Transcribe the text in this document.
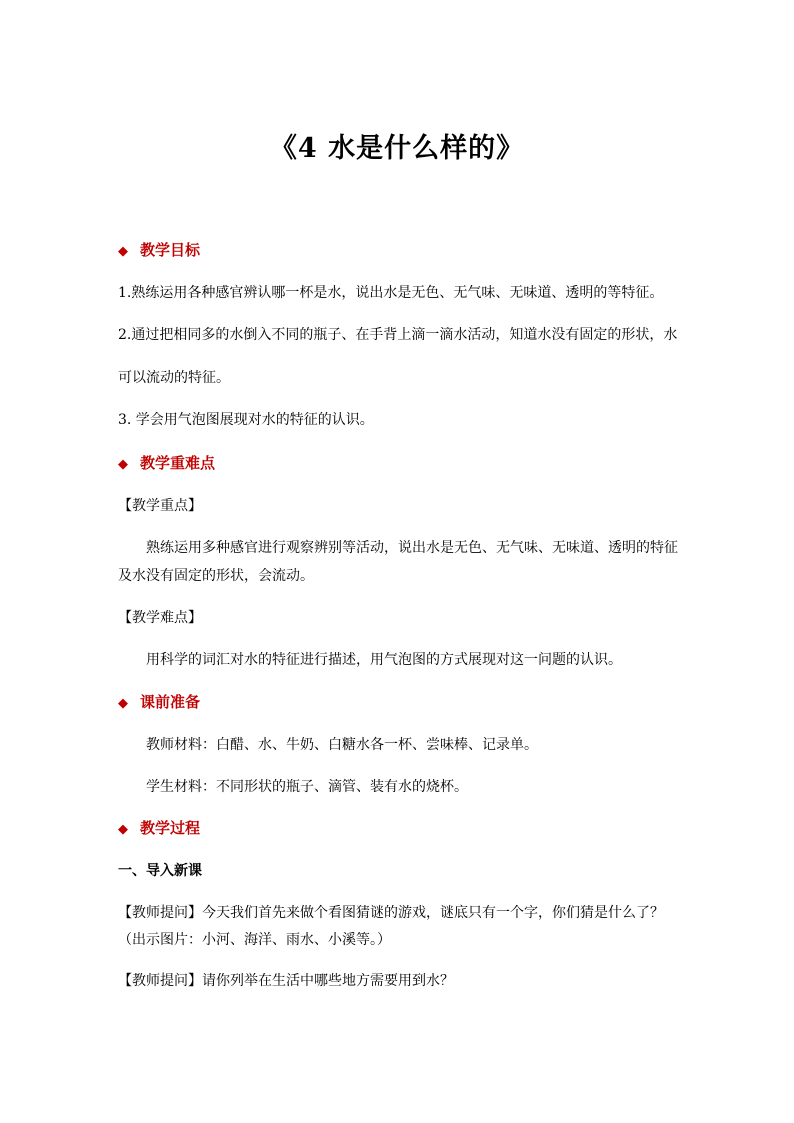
《4 水是什么样的》
◆ 教学目标
1.熟练运用各种感官辨认哪一杯是水，说出水是无色、无气味、无味道、透明的等特征。
2.通过把相同多的水倒入不同的瓶子、在手背上滴一滴水活动，知道水没有固定的形状，水
可以流动的特征。
3. 学会用气泡图展现对水的特征的认识。
◆ 教学重难点
【教学重点】
熟练运用多种感官进行观察辨别等活动，说出水是无色、无气味、无味道、透明的特征
及水没有固定的形状，会流动。
【教学难点】
用科学的词汇对水的特征进行描述，用气泡图的方式展现对这一问题的认识。
◆ 课前准备
教师材料：白醋、水、牛奶、白糖水各一杯、尝味棒、记录单。
学生材料：不同形状的瓶子、滴管、装有水的烧杯。
◆ 教学过程
一、导入新课
【教师提问】今天我们首先来做个看图猜谜的游戏，谜底只有一个字，你们猜是什么了？
（出示图片：小河、海洋、雨水、小溪等。）
【教师提问】请你列举在生活中哪些地方需要用到水？
